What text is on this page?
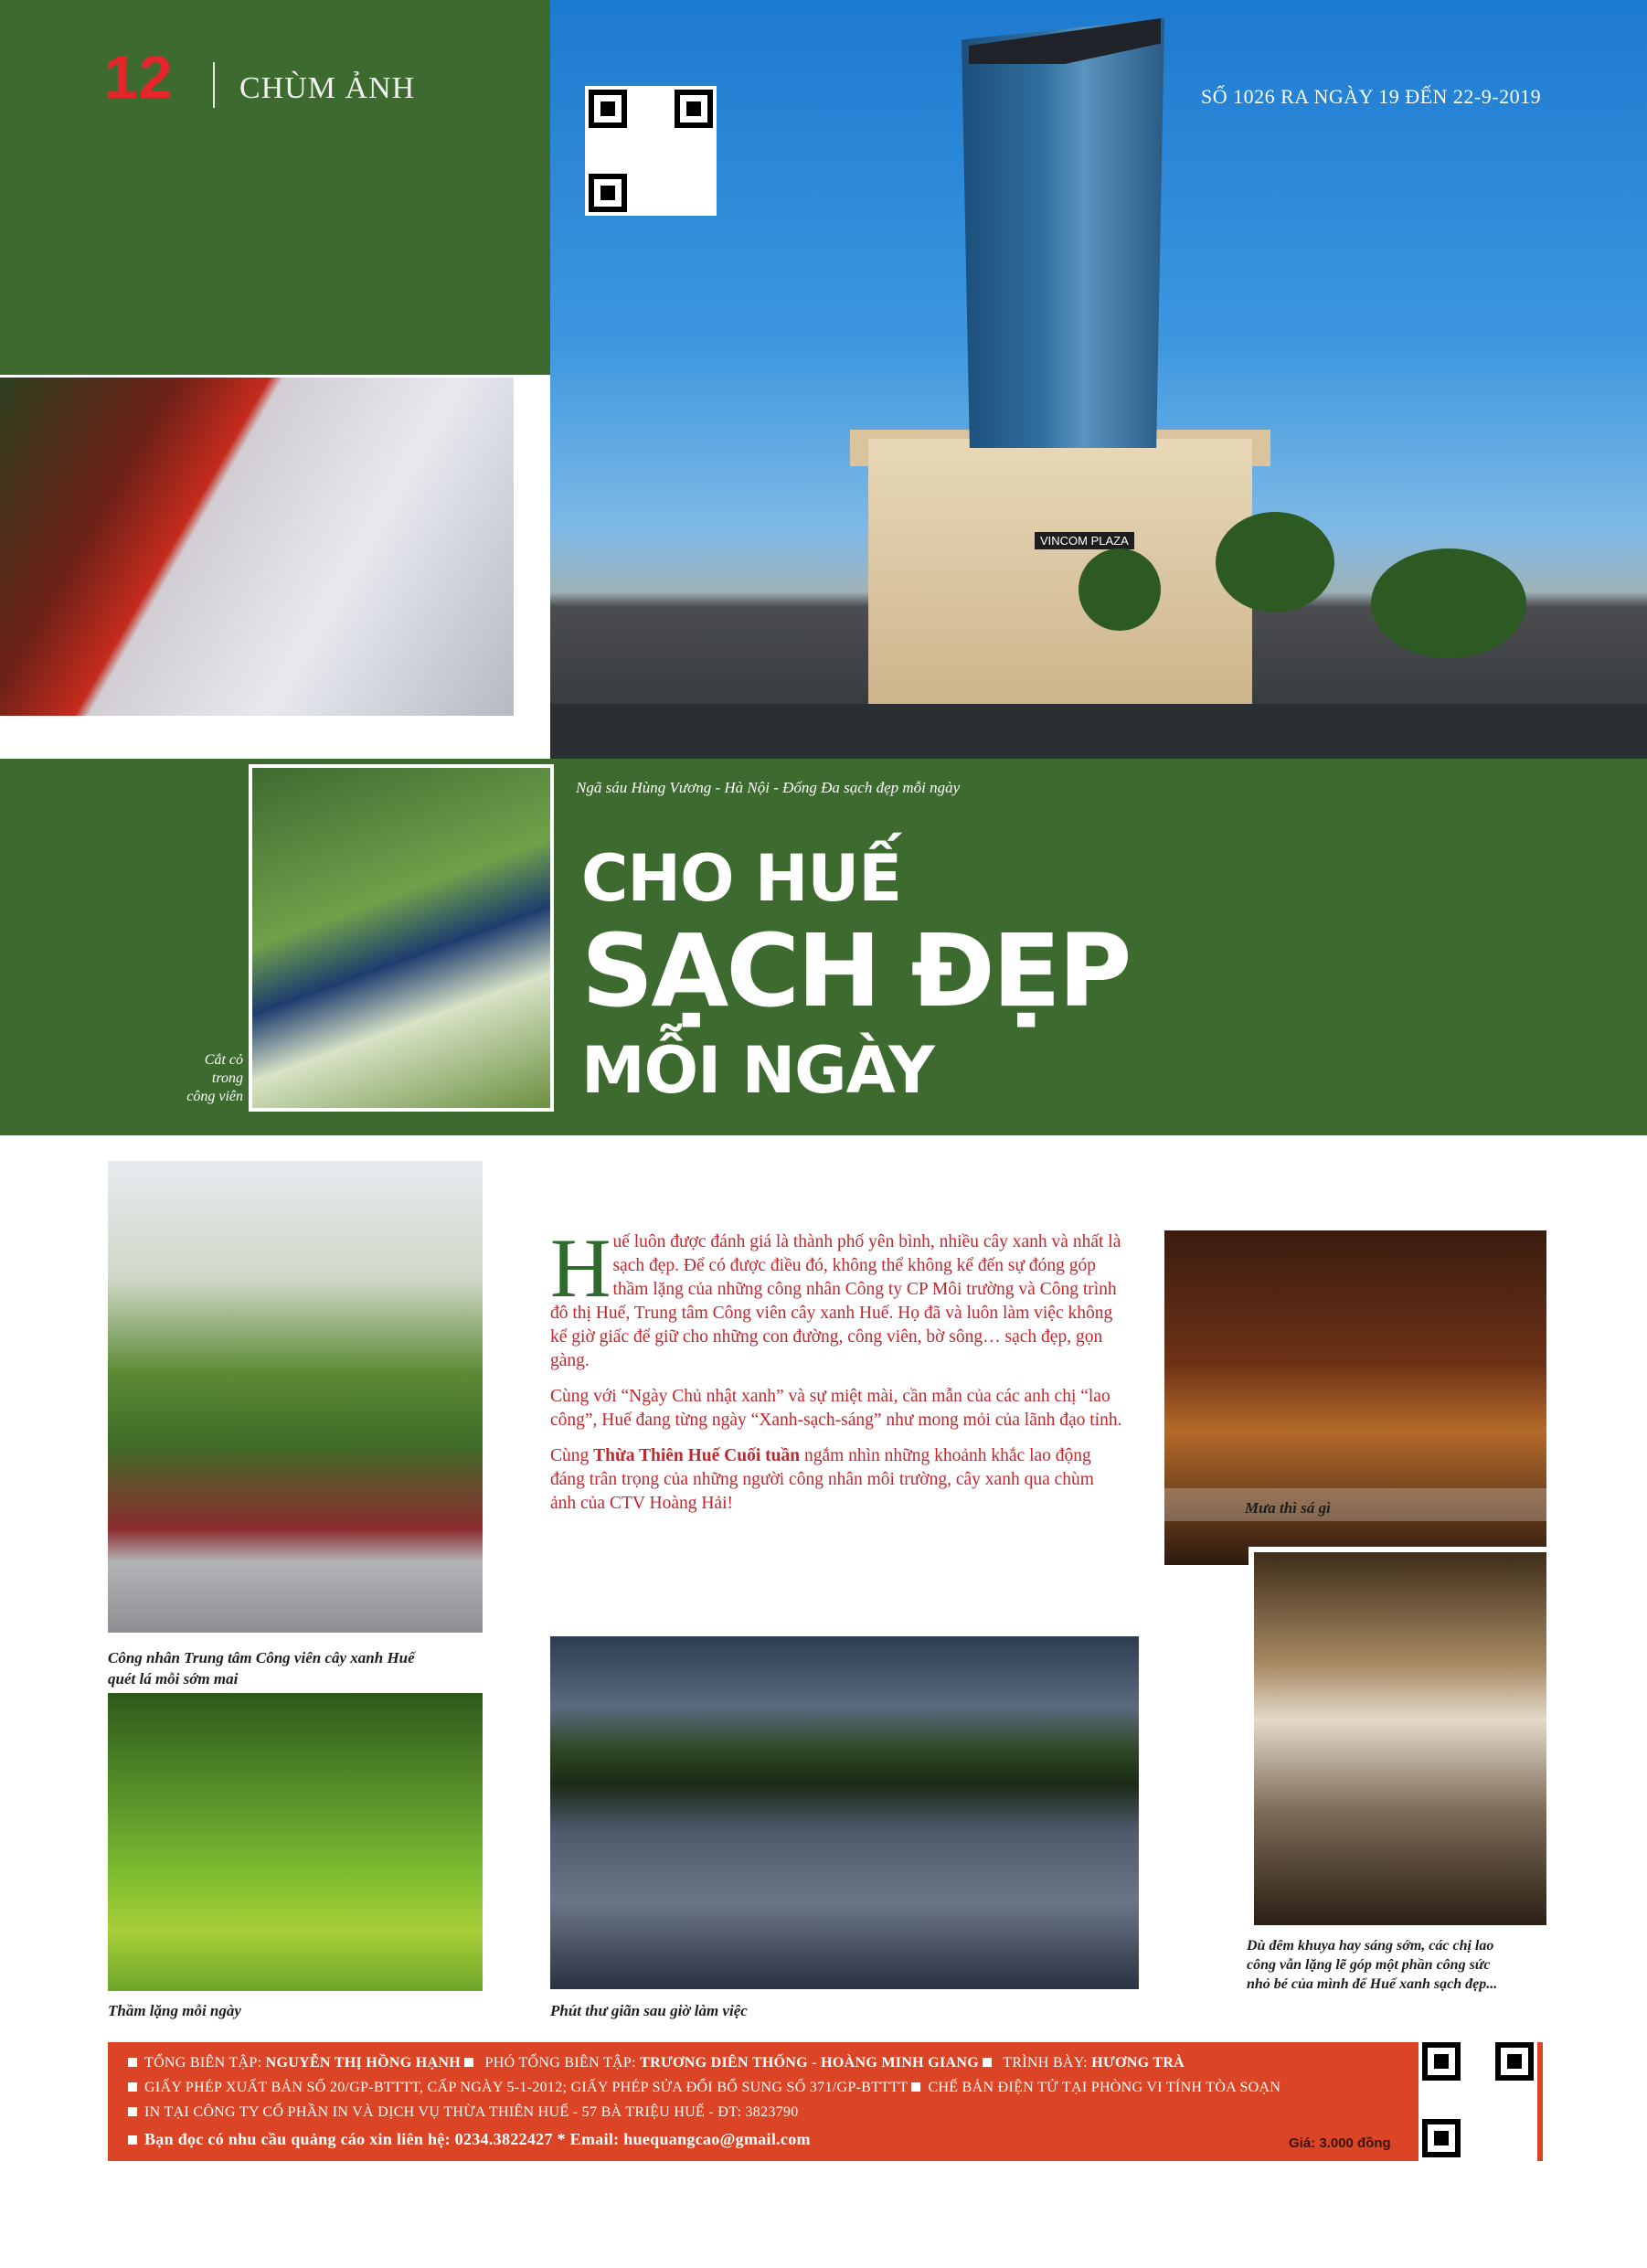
12 CHÙM ẢNH
VINCOM PLAZA
SỐ 1026 RA NGÀY 19 ĐẾN 22-9-2019
Làm sạch dòng Hương
Cắt cỏ
trong
công viên
Ngã sáu Hùng Vương - Hà Nội - Đống Đa sạch đẹp mỗi ngày
CHO HUẾ
SẠCH ĐẸP
MỖI NGÀY
Công nhân Trung tâm Công viên cây xanh Huế
quét lá mỗi sớm mai
Thầm lặng mỗi ngày

Huế luôn được đánh giá là thành phố yên bình, nhiều cây xanh và nhất là sạch đẹp. Để có được điều đó, không thể không kể đến sự đóng góp thầm lặng của những công nhân Công ty CP Môi trường và Công trình đô thị Huế, Trung tâm Công viên cây xanh Huế. Họ đã và luôn làm việc không kể giờ giấc để giữ cho những con đường, công viên, bờ sông… sạch đẹp, gọn gàng.

Cùng với “Ngày Chủ nhật xanh” và sự miệt mài, cần mẫn của các anh chị “lao công”, Huế đang từng ngày “Xanh-sạch-sáng” như mong mỏi của lãnh đạo tỉnh.

Cùng Thừa Thiên Huế Cuối tuần ngắm nhìn những khoảnh khắc lao động đáng trân trọng của những người công nhân môi trường, cây xanh qua chùm ảnh của CTV Hoàng Hải!

Phút thư giãn sau giờ làm việc
Mưa thì sá gì
Dù đêm khuya hay sáng sớm, các chị lao
công vẫn lặng lẽ góp một phần công sức
nhỏ bé của mình để Huế xanh sạch đẹp...
TỔNG BIÊN TẬP: NGUYỄN THỊ HỒNG HẠNH  PHÓ TỔNG BIÊN TẬP: TRƯƠNG DIÊN THỐNG - HOÀNG MINH GIANG  TRÌNH BÀY: HƯƠNG TRÀ
GIẤY PHÉP XUẤT BẢN SỐ 20/GP-BTTTT, CẤP NGÀY 5-1-2012; GIẤY PHÉP SỬA ĐỔI BỔ SUNG SỐ 371/GP-BTTTT CHẾ BẢN ĐIỆN TỬ TẠI PHÒNG VI TÍNH TÒA SOẠN
IN TẠI CÔNG TY CỔ PHẦN IN VÀ DỊCH VỤ THỪA THIÊN HUẾ - 57 BÀ TRIỆU HUẾ - ĐT: 3823790
Bạn đọc có nhu cầu quảng cáo xin liên hệ: 0234.3822427 * Email: huequangcao@gmail.com	Giá: 3.000 đồng
